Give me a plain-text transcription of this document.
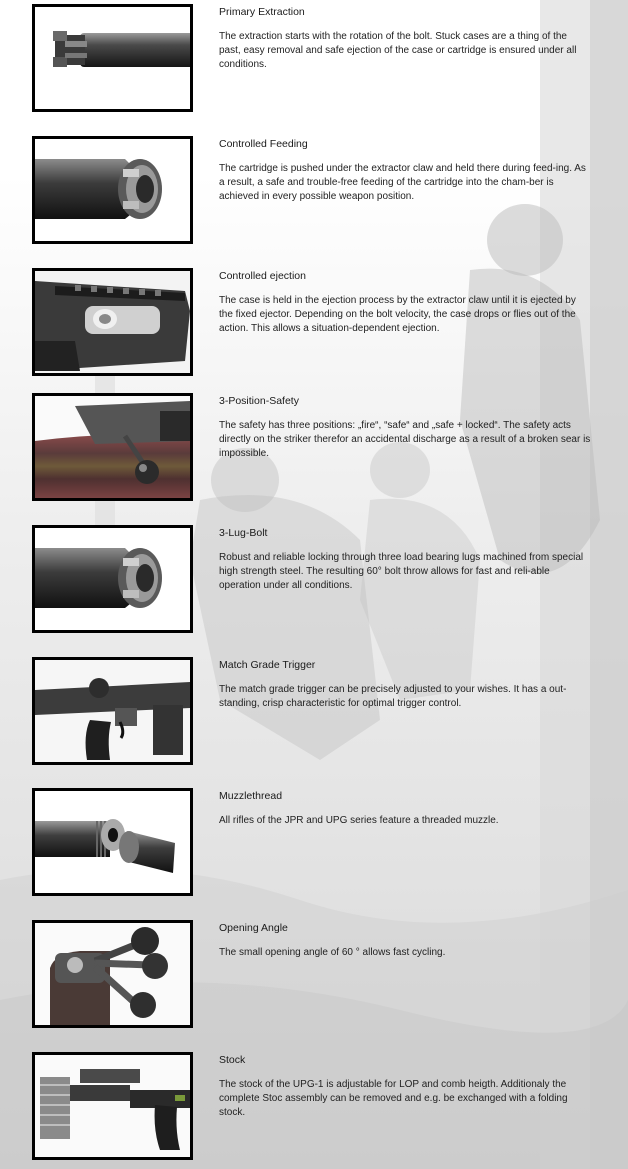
Primary Extraction

The extraction starts with the rotation of the bolt. Stuck cases are a thing of the past, easy removal and safe ejection of the case or cartridge is ensured under all conditions.

Controlled Feeding

The cartridge is pushed under the extractor claw and held there during feed-ing. As a result, a safe and trouble-free feeding of the cartridge into the cham-ber is achieved in every possible weapon position.

Controlled ejection

The case is held in the ejection process by the extractor claw until it is ejected by the fixed ejector. Depending on the bolt velocity, the case drops or flies out of the action. This allows a situation-dependent ejection.

3-Position-Safety

The safety has three positions: „fire“, “safe“ and „safe + locked“. The safety acts directly on the striker therefor an accidental discharge as a result of a broken sear is impossible.

3-Lug-Bolt

Robust and reliable locking through three load bearing lugs machined from special high strength steel. The resulting 60° bolt throw allows for fast and reli-able operation under all conditions.

Match Grade Trigger

The match grade trigger can be precisely adjusted to your wishes. It has a out-standing, crisp characteristic for optimal trigger control.

Muzzlethread

All rifles of the JPR and UPG series feature a threaded muzzle.

Opening Angle

The small opening angle of 60 ° allows fast cycling.

Stock

The stock of the UPG-1 is adjustable for LOP and comb heigth. Additionaly the complete Stoc assembly can be removed and e.g. be exchanged with a folding stock.
